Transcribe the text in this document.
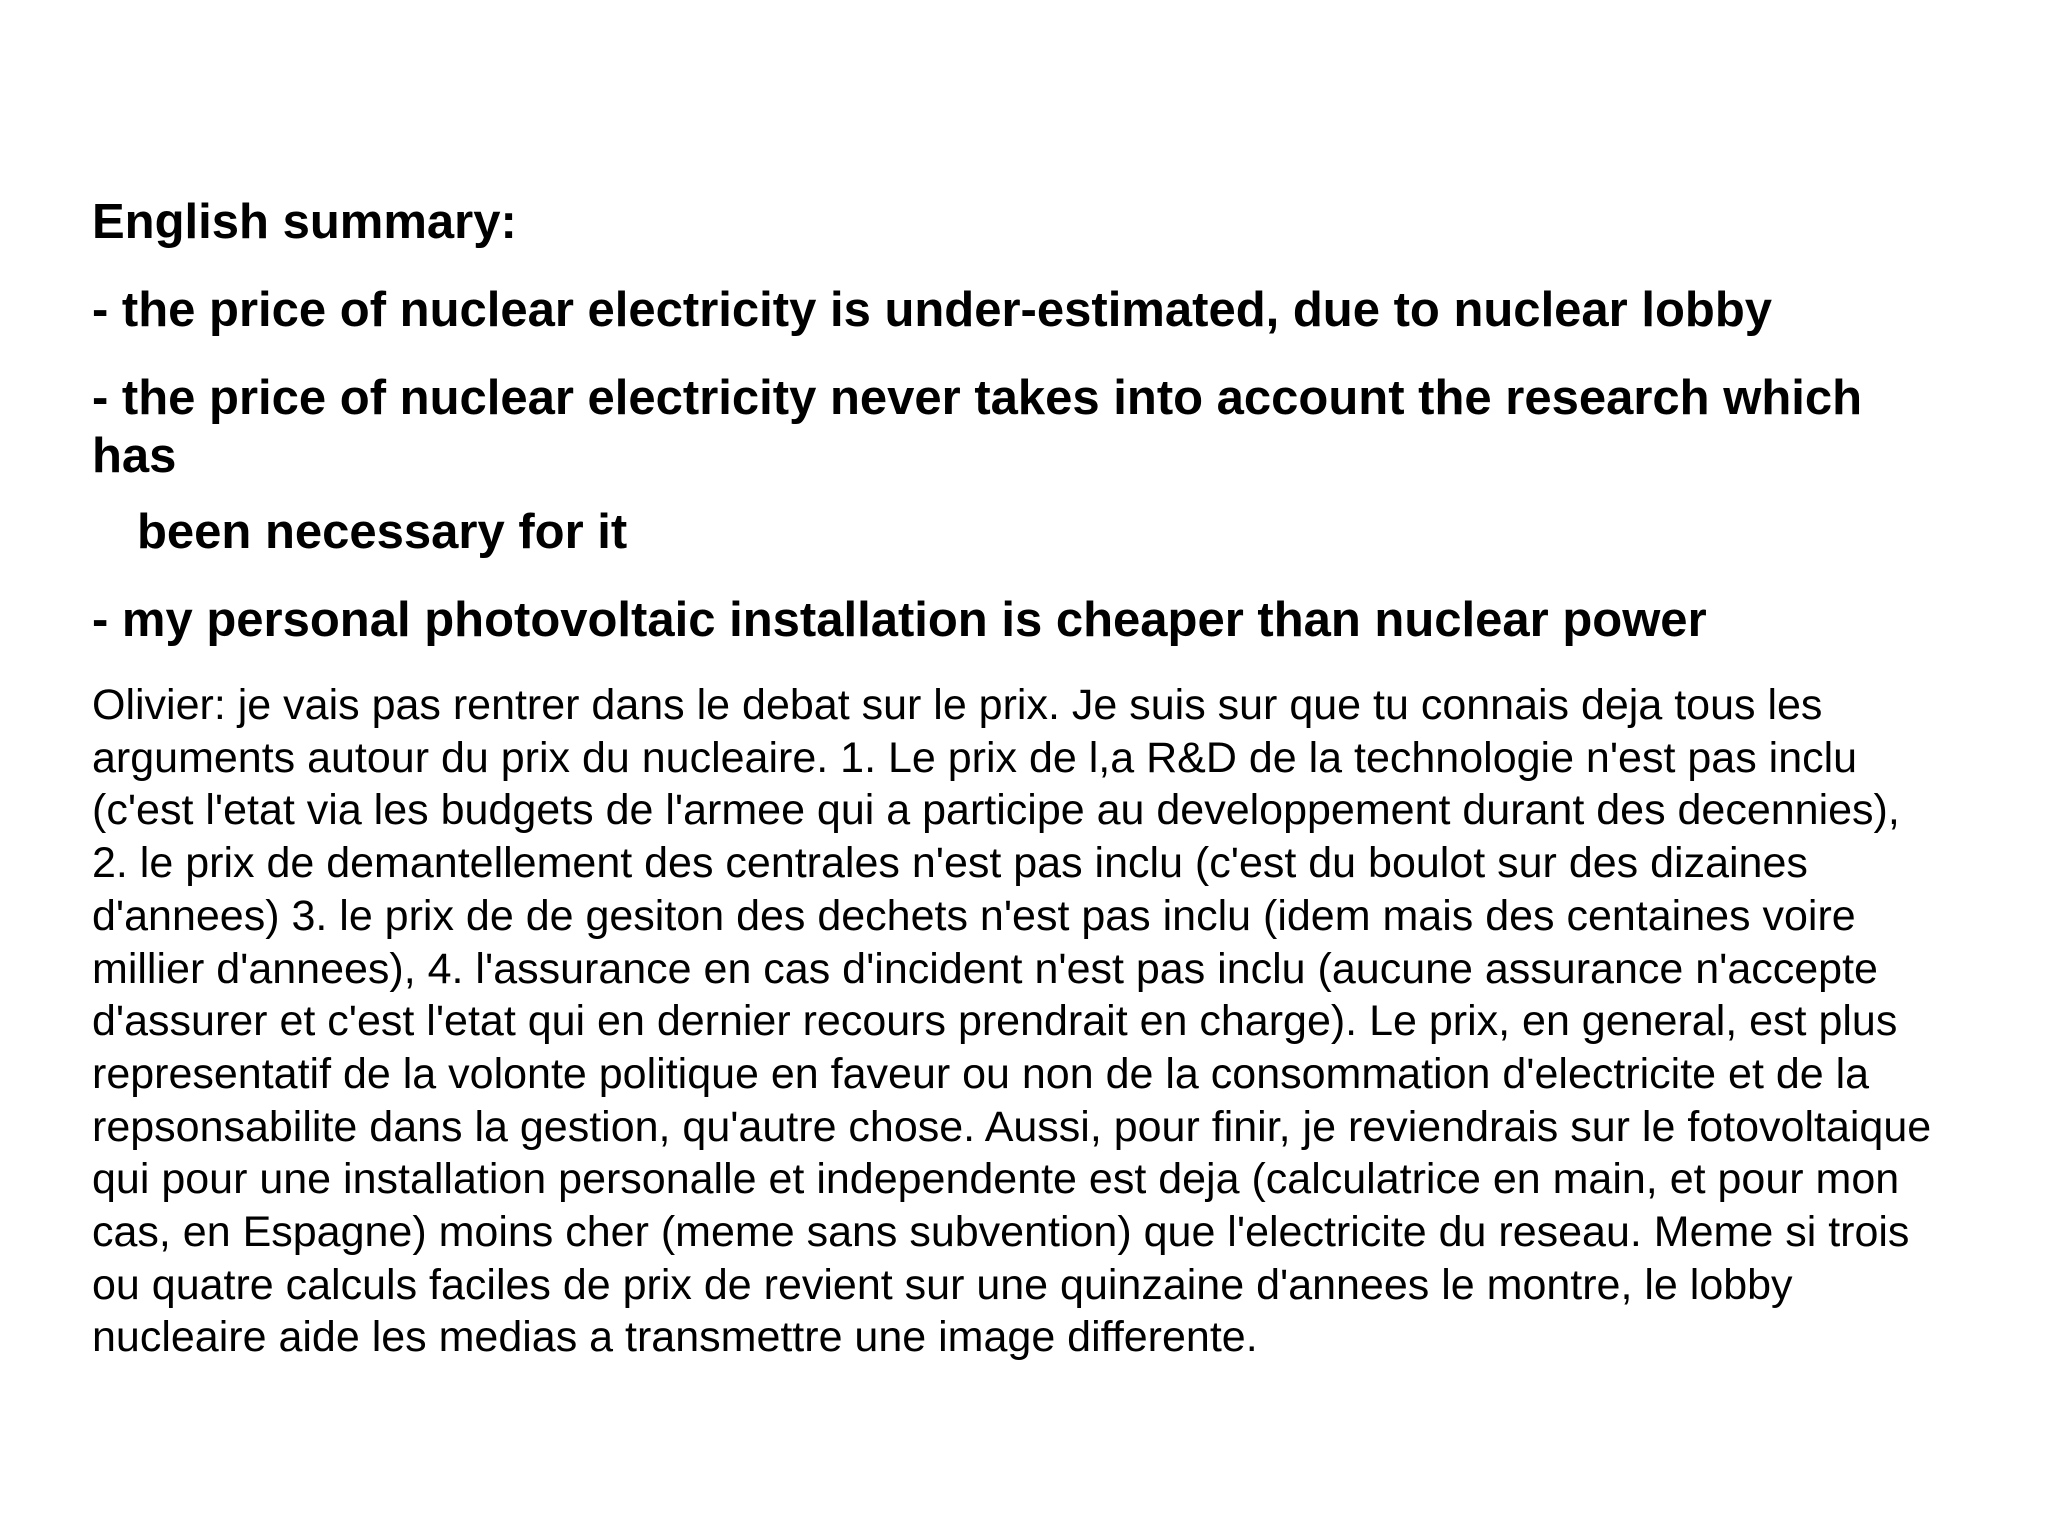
English summary:

- the price of nuclear electricity is under-estimated, due to nuclear lobby

- the price of nuclear electricity never takes into account the research which has

been necessary for it

- my personal photovoltaic installation is cheaper than nuclear power

Olivier: je vais pas rentrer dans le debat sur le prix. Je suis sur que tu connais deja tous les arguments autour du prix du nucleaire. 1. Le prix de l,a R&D de la technologie n'est pas inclu (c'est l'etat via les budgets de l'armee qui a participe au developpement durant des decennies), 2. le prix de demantellement des centrales n'est pas inclu (c'est du boulot sur des dizaines d'annees) 3. le prix de de gesiton des dechets n'est pas inclu (idem mais des centaines voire millier d'annees), 4. l'assurance en cas d'incident n'est pas inclu (aucune assurance n'accepte d'assurer et c'est l'etat qui en dernier recours prendrait en charge). Le prix, en general, est plus representatif de la volonte politique en faveur ou non de la consommation d'electricite et de la repsonsabilite dans la gestion, qu'autre chose. Aussi, pour finir, je reviendrais sur le fotovoltaique qui pour une installation personalle et independente est deja (calculatrice en main, et pour mon cas, en Espagne) moins cher (meme sans subvention) que l'electricite du reseau. Meme si trois ou quatre calculs faciles de prix de revient sur une quinzaine d'annees le montre, le lobby nucleaire aide les medias a transmettre une image differente.
